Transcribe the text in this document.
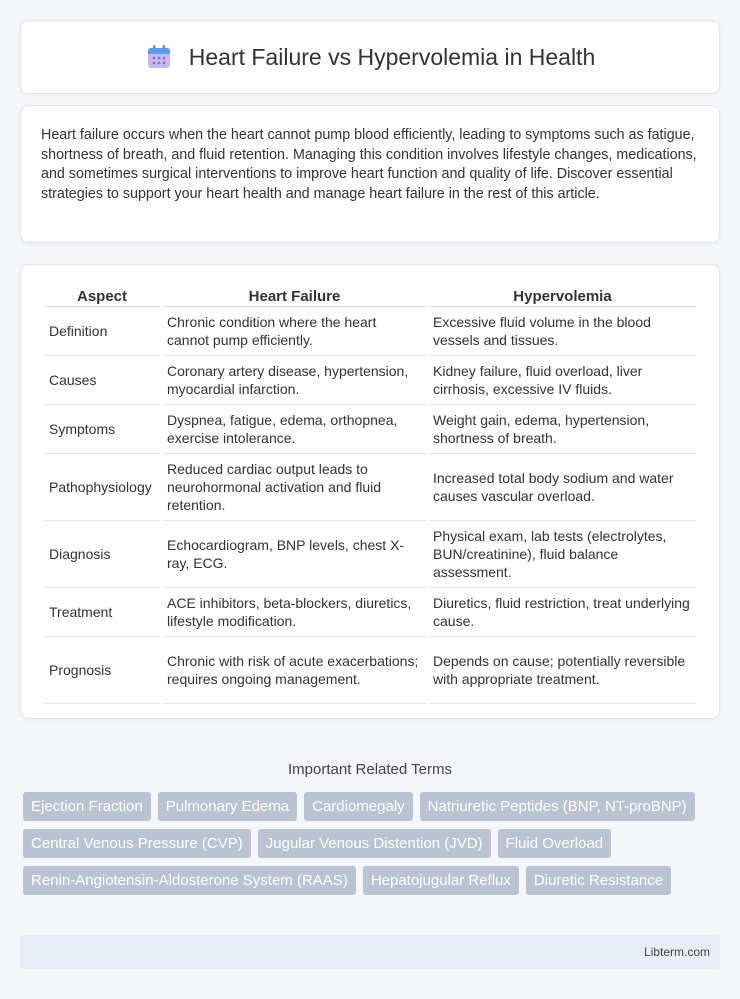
Heart Failure vs Hypervolemia in Health

Heart failure occurs when the heart cannot pump blood efficiently, leading to symptoms such as fatigue, shortness of breath, and fluid retention. Managing this condition involves lifestyle changes, medications, and sometimes surgical interventions to improve heart function and quality of life. Discover essential strategies to support your heart health and manage heart failure in the rest of this article.

Aspect	Heart Failure	Hypervolemia
Definition	Chronic condition where the heart cannot pump efficiently.	Excessive fluid volume in the blood vessels and tissues.
Causes	Coronary artery disease, hypertension, myocardial infarction.	Kidney failure, fluid overload, liver cirrhosis, excessive IV fluids.
Symptoms	Dyspnea, fatigue, edema, orthopnea, exercise intolerance.	Weight gain, edema, hypertension, shortness of breath.
Pathophysiology	Reduced cardiac output leads to neurohormonal activation and fluid retention.	Increased total body sodium and water causes vascular overload.
Diagnosis	Echocardiogram, BNP levels, chest X-ray, ECG.	Physical exam, lab tests (electrolytes, BUN/creatinine), fluid balance assessment.
Treatment	ACE inhibitors, beta-blockers, diuretics, lifestyle modification.	Diuretics, fluid restriction, treat underlying cause.
Prognosis	Chronic with risk of acute exacerbations; requires ongoing management.	Depends on cause; potentially reversible with appropriate treatment.
Important Related Terms
Ejection Fraction	Pulmonary Edema	Cardiomegaly	Natriuretic Peptides (BNP, NT-proBNP)
Central Venous Pressure (CVP)	Jugular Venous Distention (JVD)	Fluid Overload
Renin-Angiotensin-Aldosterone System (RAAS)	Hepatojugular Reflux	Diuretic Resistance
Libterm.com
